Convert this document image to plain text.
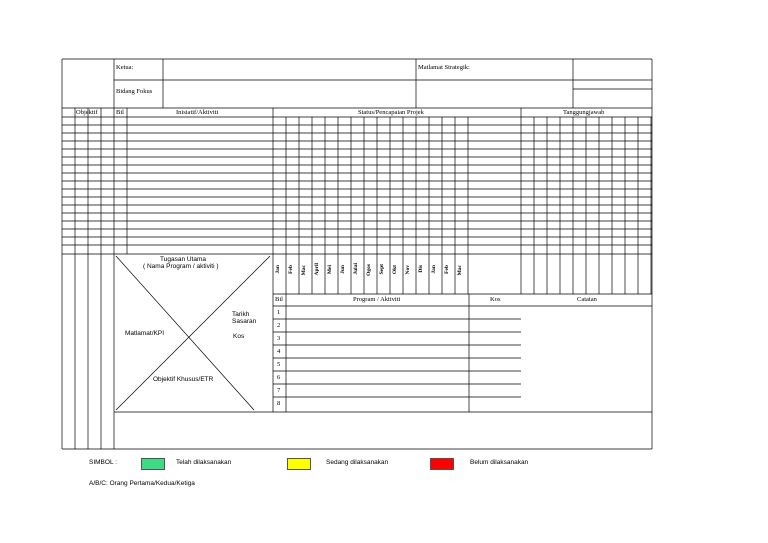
Ketua:
Bidang Fokus
Matlamat Strategik:
Objektif	Bil	Inisiatif/Aktiviti	Status/Pencapaian Projek	Tanggungjawab
Tugasan Utama
( Nama Program / aktiviti )
Tarikh
Sasaran
Kos
Matlamat/KPI
Objektif Khusus/ETR
Jan Feb Mac April Mei Jun Julai Ogos Sept Okt Nov Dis Jan Feb Mac
Bil	Program / Aktiviti	Kos	Catatan
1
2
3
4
5
6
7
8
SIMBOL :	Telah dilaksanakan	Sedang dilaksanakan	Belum dilaksanakan
A/B/C: Orang Pertama/Kedua/Ketiga
